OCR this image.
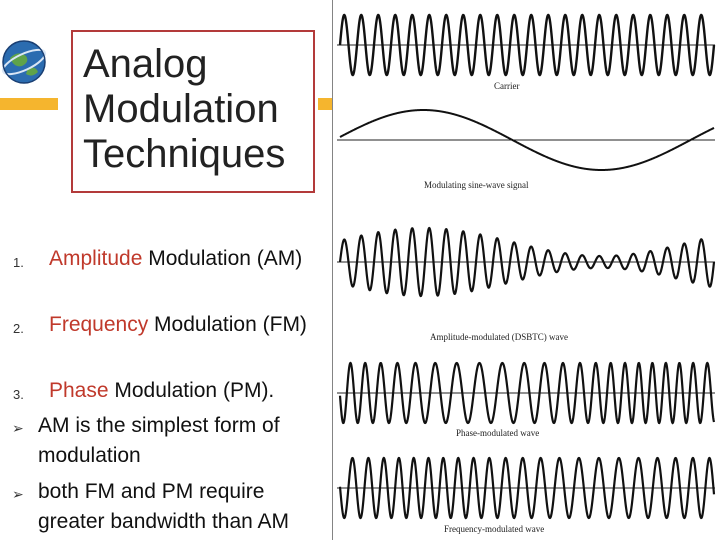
Analog
Modulation
Techniques
1. Amplitude Modulation (AM)

2. Frequency Modulation (FM)

3. Phase Modulation (PM).

➢ AM is the simplest form of modulation

➢ both FM and PM require greater bandwidth than AM

Carrier
Modulating sine-wave signal
Amplitude-modulated (DSBTC) wave
Phase-modulated wave
Frequency-modulated wave
